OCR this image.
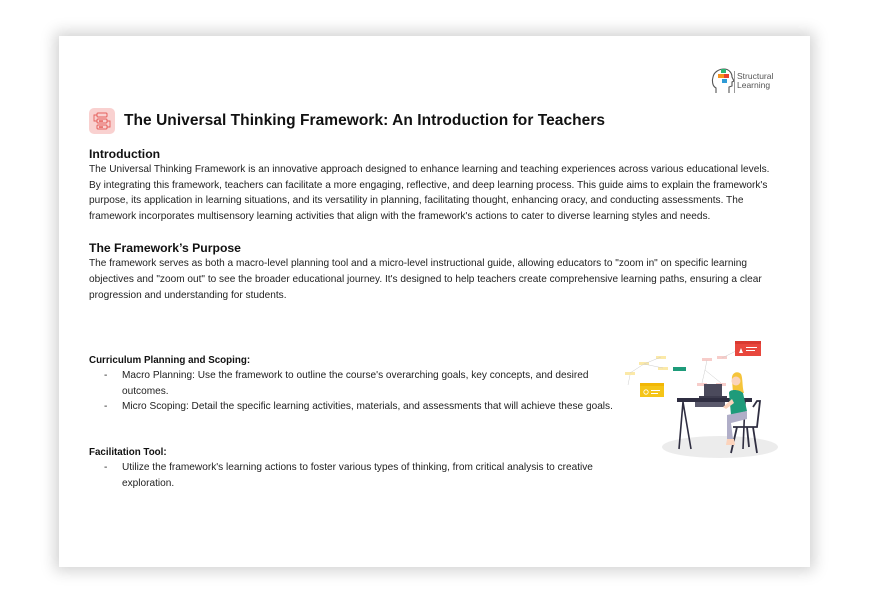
Structural
Learning
The Universal Thinking Framework: An Introduction for Teachers
Introduction

The Universal Thinking Framework is an innovative approach designed to enhance learning and teaching experiences across various educational levels. By integrating this framework, teachers can facilitate a more engaging, reflective, and deep learning process. This guide aims to explain the framework's purpose, its application in learning situations, and its versatility in planning, facilitating thought, enhancing oracy, and conducting assessments. The framework incorporates multisensory learning activities that align with the framework's actions to cater to diverse learning styles and needs.

The Framework’s Purpose

The framework serves as both a macro-level planning tool and a micro-level instructional guide, allowing educators to "zoom in" on specific learning objectives and "zoom out" to see the broader educational journey. It's designed to help teachers create comprehensive learning paths, ensuring a clear progression and understanding for students.

Curriculum Planning and Scoping:
- Macro Planning: Use the framework to outline the course's overarching goals, key concepts, and desired outcomes.
- Micro Scoping: Detail the specific learning activities, materials, and assessments that will achieve these goals.
Facilitation Tool:
- Utilize the framework's learning actions to foster various types of thinking, from critical analysis to creative exploration.
